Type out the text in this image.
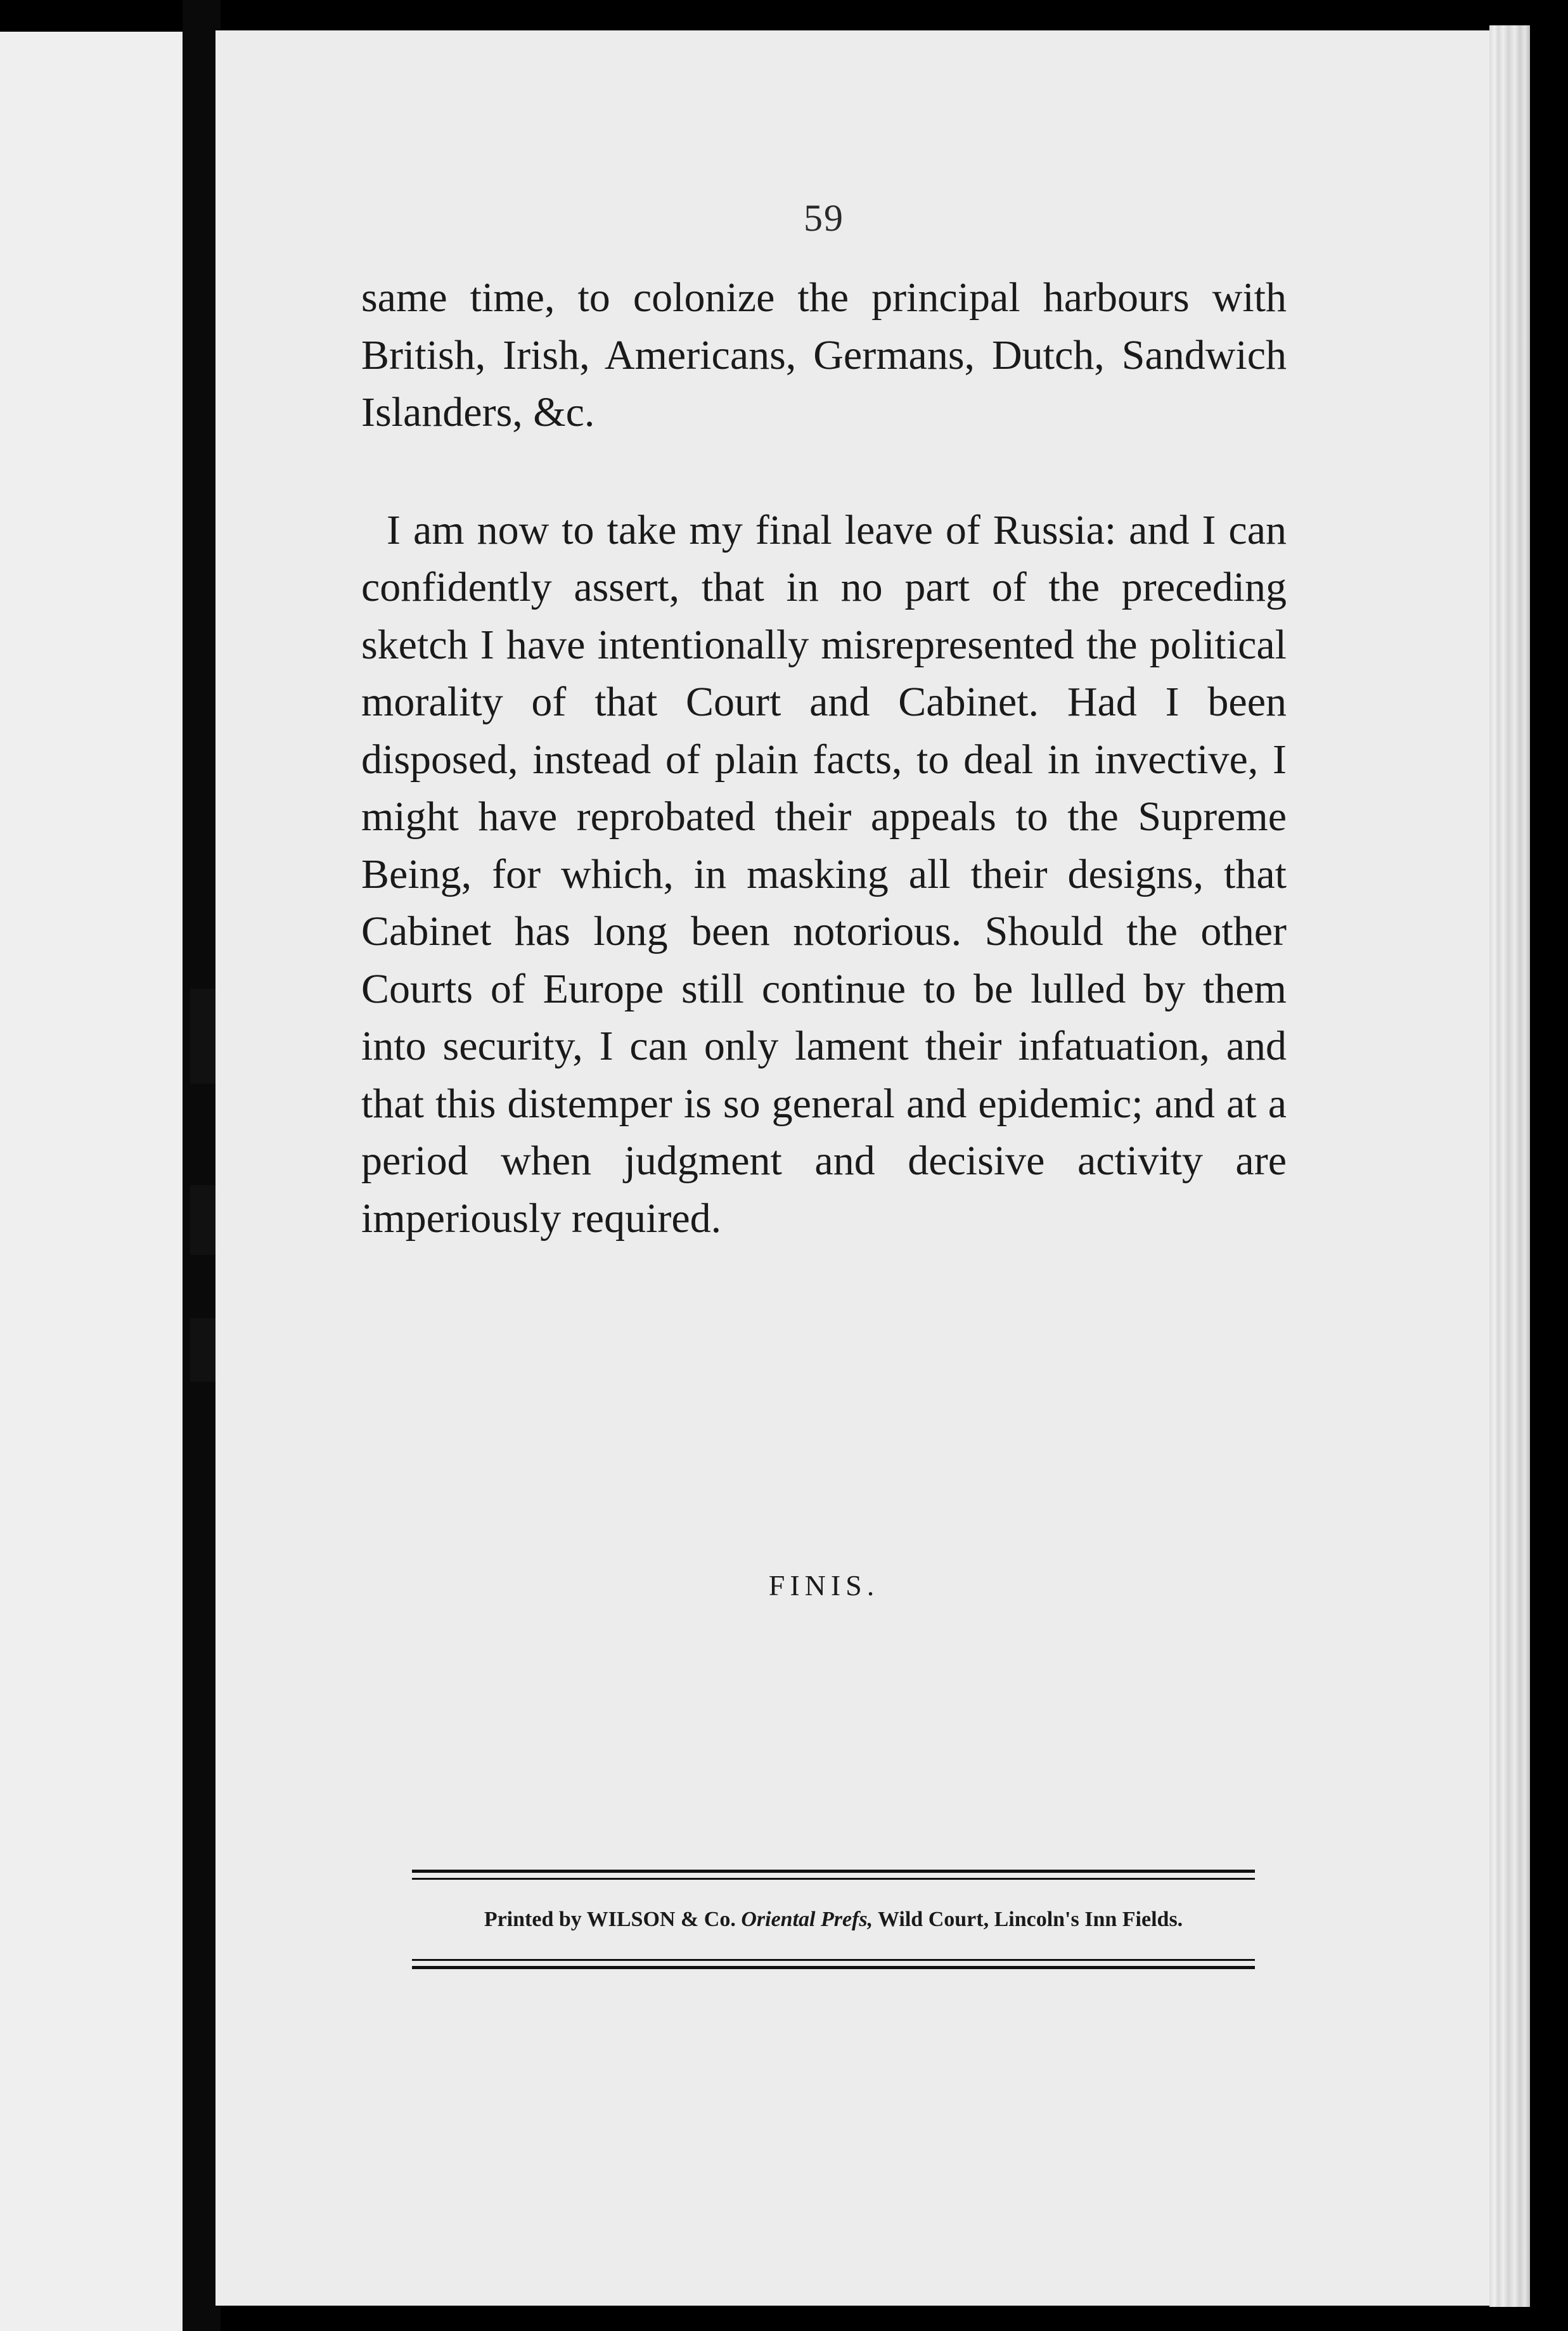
59

same time, to colonize the principal harbours with British, Irish, Americans, Germans, Dutch, Sandwich Islanders, &c.

I am now to take my final leave of Russia: and I can confidently assert, that in no part of the preceding sketch I have intentionally misrepresented the political morality of that Court and Cabinet. Had I been disposed, instead of plain facts, to deal in invective, I might have reprobated their appeals to the Supreme Being, for which, in masking all their designs, that Cabinet has long been notorious. Should the other Courts of Europe still continue to be lulled by them into security, I can only lament their infatuation, and that this distemper is so general and epidemic; and at a period when judgment and decisive activity are imperiously required.

FINIS.
Printed by WILSON & Co. Oriental Prefs, Wild Court, Lincoln's Inn Fields.
